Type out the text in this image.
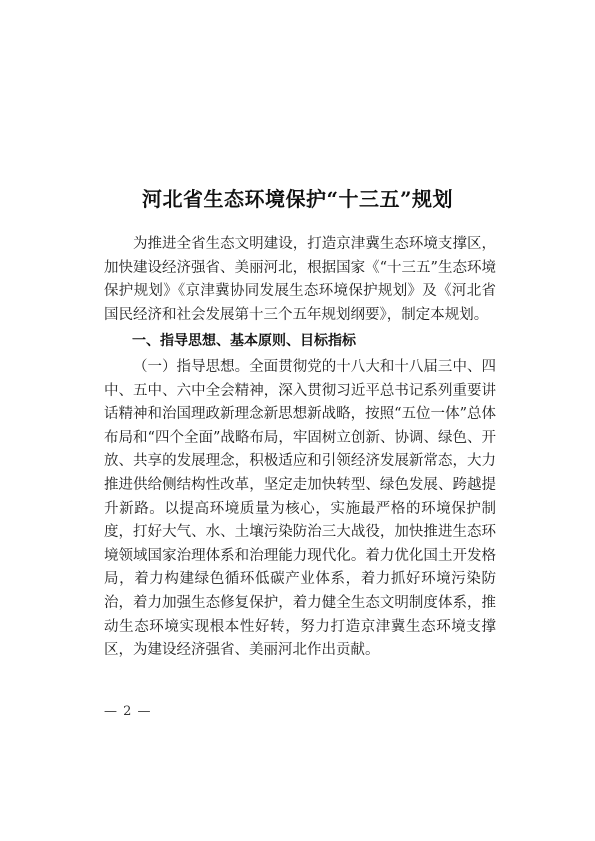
河北省生态环境保护“十三五”规划

为推进全省生态文明建设，打造京津冀生态环境支撑区，加快建设经济强省、美丽河北，根据国家《“十三五”生态环境保护规划》《京津冀协同发展生态环境保护规划》及《河北省国民经济和社会发展第十三个五年规划纲要》，制定本规划。

一、指导思想、基本原则、目标指标

（一）指导思想。全面贯彻党的十八大和十八届三中、四中、五中、六中全会精神，深入贯彻习近平总书记系列重要讲话精神和治国理政新理念新思想新战略，按照“五位一体”总体布局和“四个全面”战略布局，牢固树立创新、协调、绿色、开放、共享的发展理念，积极适应和引领经济发展新常态，大力推进供给侧结构性改革，坚定走加快转型、绿色发展、跨越提升新路。以提高环境质量为核心，实施最严格的环境保护制度，打好大气、水、土壤污染防治三大战役，加快推进生态环境领域国家治理体系和治理能力现代化。着力优化国土开发格局，着力构建绿色循环低碳产业体系，着力抓好环境污染防治，着力加强生态修复保护，着力健全生态文明制度体系，推动生态环境实现根本性好转，努力打造京津冀生态环境支撑区，为建设经济强省、美丽河北作出贡献。

— 2 —
